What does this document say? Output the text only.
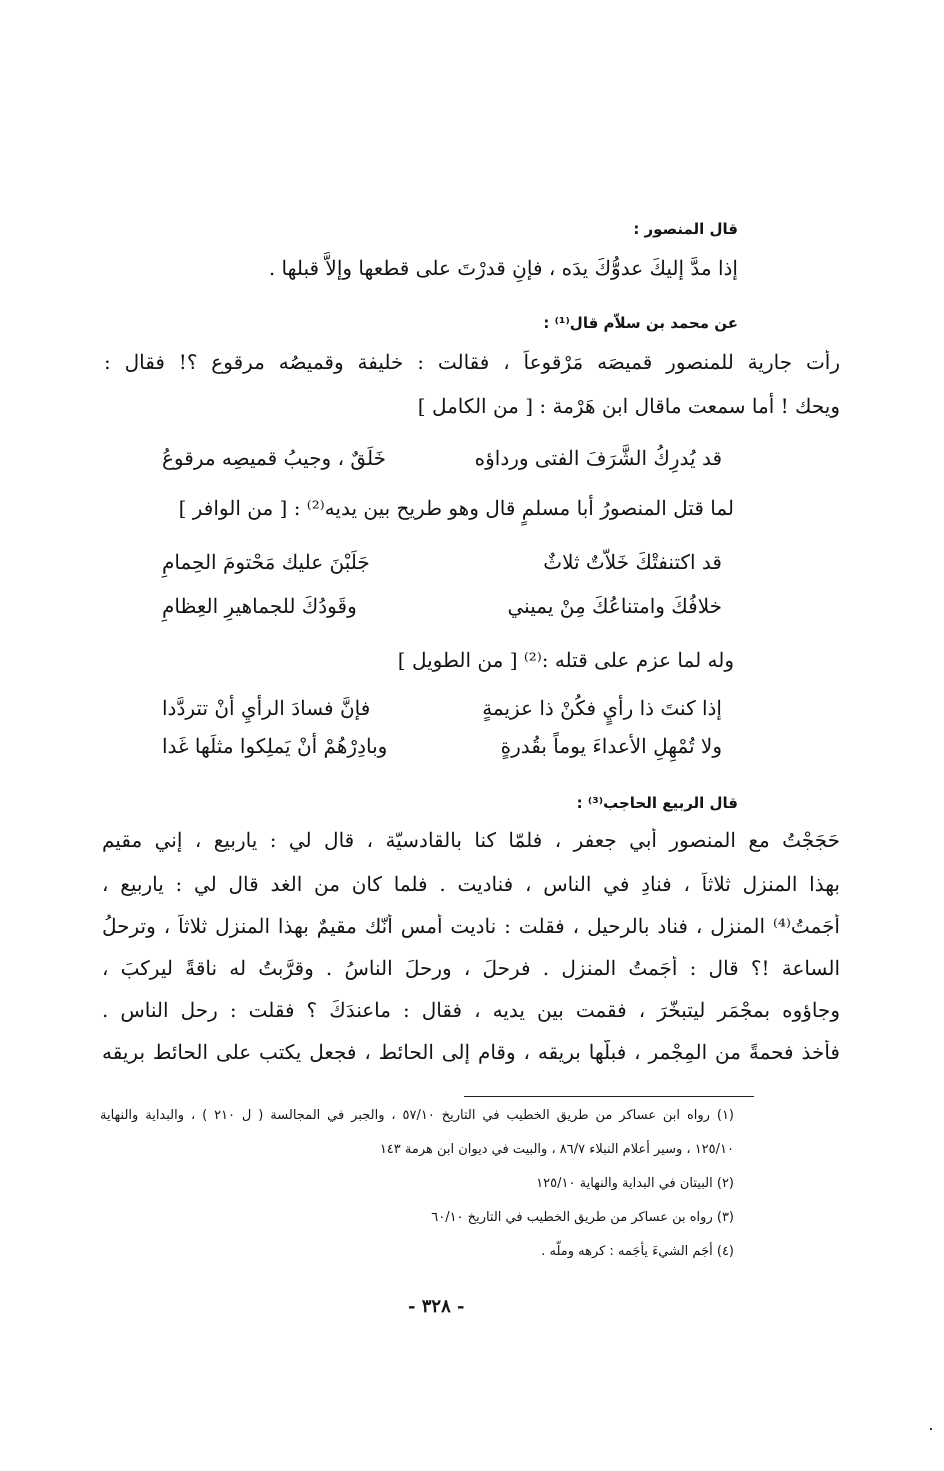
قال المنصور :
إذا مدَّ إليكَ عدوُّكَ يدَه ، فإنِ قدرْتَ على قطعها وإلاَّ قبلها .
عن محمد بن سلاّم قال⁽¹⁾ :
رأت جارية للمنصور قميصَه مَرْقوعاً ، فقالت : خليفة وقميصُه مرقوع ؟! فقال :
ويحك ! أما سمعت ماقال ابن هَرْمة : [ من الكامل ]
قد يُدرِكُ الشَّرَفَ الفتى ورداؤه
خَلَقٌ ، وجيبُ قميصِه مرقوعُ
لما قتل المنصورُ أبا مسلمٍ قال وهو طريح بين يديه⁽²⁾ : [ من الوافر ]
قد اكتنفتْكَ خَلاّتٌ ثلاثٌ
جَلَبْنَ عليك مَحْتومَ الحِمامِ
خلافُكَ وامتناعُكَ مِنْ يميني
وقَودُكَ للجماهيرِ العِظامِ
وله لما عزم على قتله :⁽²⁾ [ من الطويل ]
إذا كنتَ ذا رأيٍ فكُنْ ذا عزيمةٍ
فإنَّ فسادَ الرأيِ أنْ تتردَّدا
ولا تُمْهِلِ الأعداءَ يوماً بقُدرةٍ
وبادِرْهُمْ أنْ يَملِكوا مثلَها غَدا
قال الربيع الحاجب⁽³⁾ :
حَجَجْتُ مع المنصور أبي جعفر ، فلمّا كنا بالقادسيّة ، قال لي : ياربيع ، إني مقيم
بهذا المنزل ثلاثاً ، فنادِ في الناس ، فناديت . فلما كان من الغد قال لي : ياربيع ،
أجَمتُ⁽⁴⁾ المنزل ، فناد بالرحيل ، فقلت : ناديت أمس أنّك مقيمٌ بهذا المنزل ثلاثاً ، وترحلُ
الساعة !؟ قال : أجَمتُ المنزل . فرحلَ ، ورحلَ الناسُ . وقرَّبتُ له ناقةً ليركبَ ،
وجاؤوه بمجْمَرٍ ليتبخّرَ ، فقمت بين يديه ، فقال : ماعندَكَ ؟ فقلت : رحل الناس .
فأخذ فحمةً من المِجْمر ، فبلّها بريقه ، وقام إلى الحائط ، فجعل يكتب على الحائط بريقه
(١) رواه ابن عساكر من طريق الخطيب في التاريخ ٥٧/١٠ ، والجبر في المجالسة ( ل ٢١٠ ) ، والبداية والنهاية
١٢٥/١٠ ، وسير أعلام النبلاء ٨٦/٧ ، والبيت في ديوان ابن هرمة ١٤٣
(٢) البيتان في البداية والنهاية ١٢٥/١٠
(٣) رواه بن عساكر من طريق الخطيب في التاريخ ٦٠/١٠
(٤) أجَم الشيءَ يأجَمه : كرهه وملّه .
- ٣٢٨ -
